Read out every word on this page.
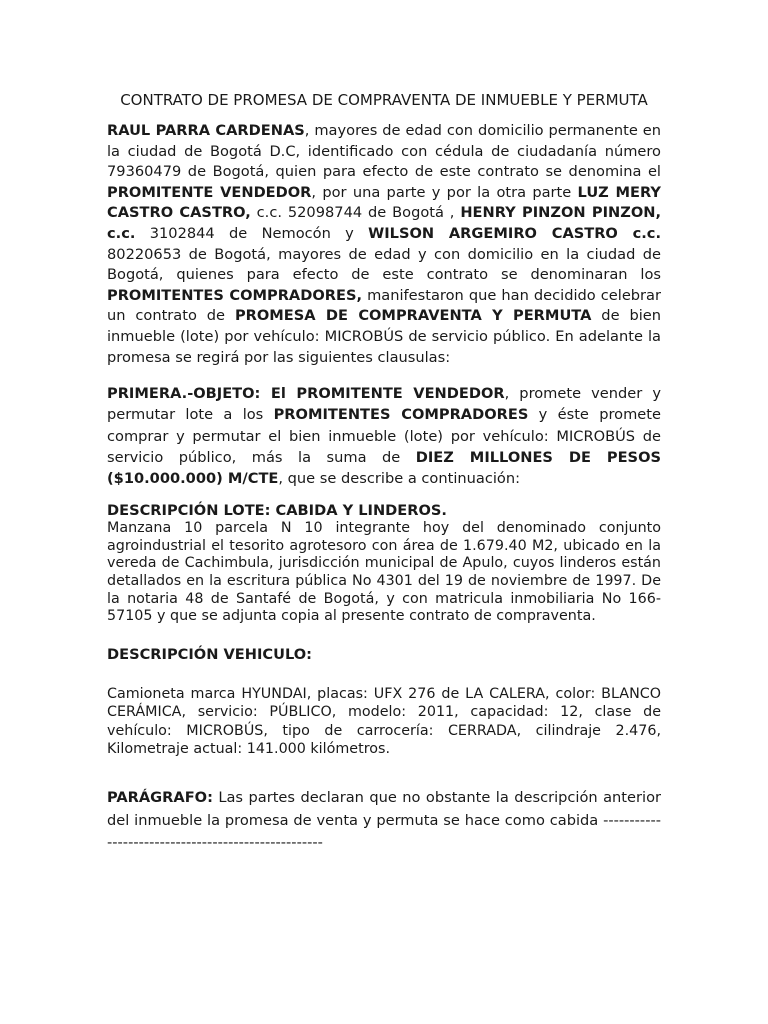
CONTRATO DE PROMESA DE COMPRAVENTA DE INMUEBLE Y PERMUTA

RAUL PARRA CARDENAS, mayores de edad con domicilio permanente en la ciudad de Bogotá D.C, identificado con cédula de ciudadanía número 79360479 de Bogotá, quien para efecto de este contrato se denomina el PROMITENTE VENDEDOR, por una parte y por la otra parte LUZ MERY CASTRO CASTRO, c.c. 52098744 de Bogotá , HENRY PINZON PINZON, c.c. 3102844 de Nemocón y WILSON ARGEMIRO CASTRO c.c. 80220653 de Bogotá, mayores de edad y con domicilio en la ciudad de Bogotá, quienes para efecto de este contrato se denominaran los PROMITENTES COMPRADORES, manifestaron que han decidido celebrar un contrato de PROMESA DE COMPRAVENTA Y PERMUTA de bien inmueble (lote) por vehículo: MICROBÚS de servicio público. En adelante la promesa se regirá por las siguientes clausulas:

PRIMERA.-OBJETO: El PROMITENTE VENDEDOR, promete vender y permutar lote a los PROMITENTES COMPRADORES y éste promete comprar y permutar el bien inmueble (lote) por vehículo: MICROBÚS de servicio público, más la suma de DIEZ MILLONES DE PESOS ($10.000.000) M/CTE, que se describe a continuación:

DESCRIPCIÓN LOTE: CABIDA Y LINDEROS.

Manzana 10 parcela N 10 integrante hoy del denominado conjunto agroindustrial el tesorito agrotesoro con área de 1.679.40 M2, ubicado en la vereda de Cachimbula, jurisdicción municipal de Apulo, cuyos linderos están detallados en la escritura pública No 4301 del 19 de noviembre de 1997. De la notaria 48 de Santafé de Bogotá, y con matricula inmobiliaria No 166-57105 y que se adjunta copia al presente contrato de compraventa.

DESCRIPCIÓN VEHICULO:

Camioneta marca HYUNDAI, placas: UFX 276 de LA CALERA, color: BLANCO CERÁMICA, servicio: PÚBLICO, modelo: 2011, capacidad: 12, clase de vehículo: MICROBÚS, tipo de carrocería: CERRADA, cilindraje 2.476, Kilometraje actual: 141.000 kilómetros.

PARÁGRAFO: Las partes declaran que no obstante la descripción anterior del inmueble la promesa de venta y permuta se hace como cabida ----------------------------------------------------
